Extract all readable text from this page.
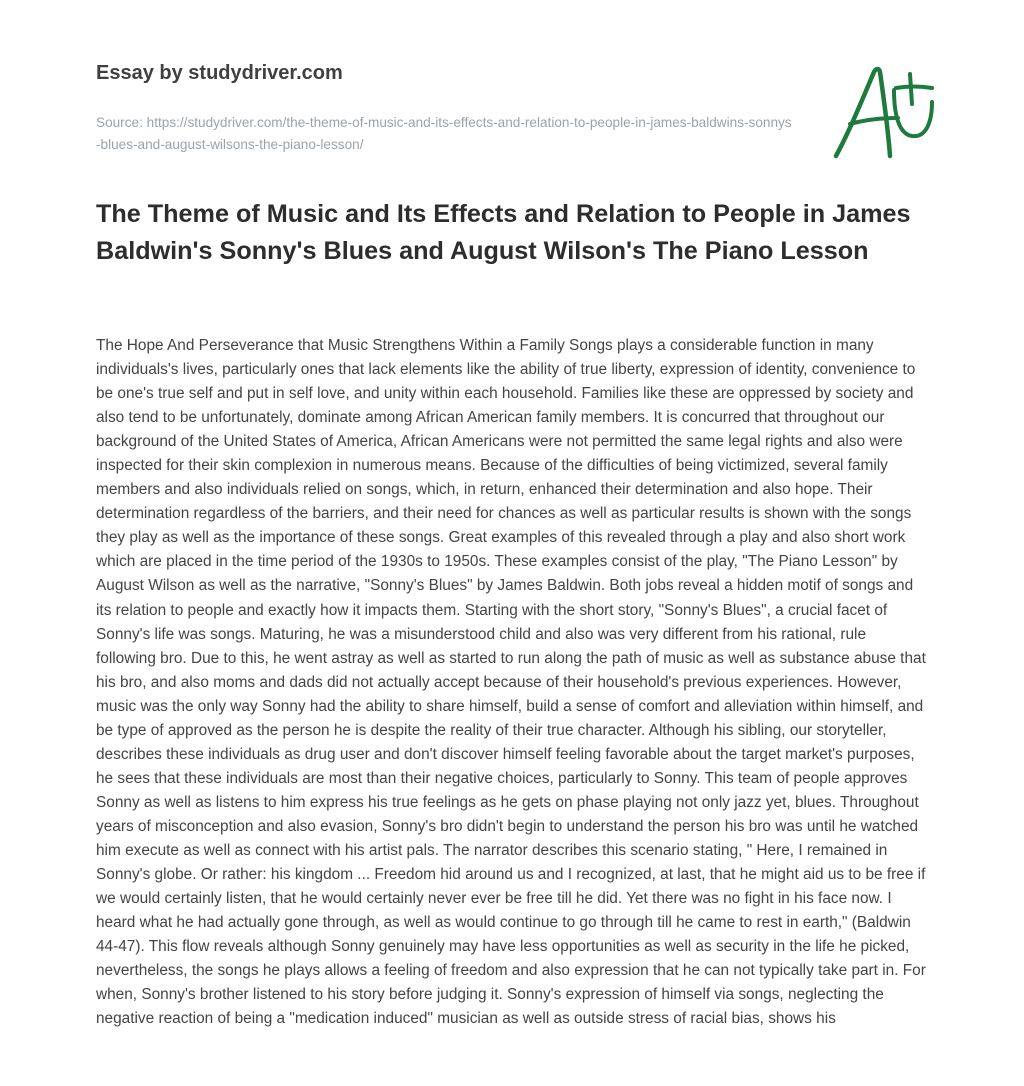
Essay by studydriver.com
Source: https://studydriver.com/the-theme-of-music-and-its-effects-and-relation-to-people-in-james-baldwins-sonnys-blues-and-august-wilsons-the-piano-lesson/
The Theme of Music and Its Effects and Relation to People in James Baldwin's Sonny's Blues and August Wilson's The Piano Lesson

The Hope And Perseverance that Music Strengthens Within a Family Songs plays a considerable function in many individuals's lives, particularly ones that lack elements like the ability of true liberty, expression of identity, convenience to be one's true self and put in self love, and unity within each household. Families like these are oppressed by society and also tend to be unfortunately, dominate among African American family members. It is concurred that throughout our background of the United States of America, African Americans were not permitted the same legal rights and also were inspected for their skin complexion in numerous means. Because of the difficulties of being victimized, several family members and also individuals relied on songs, which, in return, enhanced their determination and also hope. Their determination regardless of the barriers, and their need for chances as well as particular results is shown with the songs they play as well as the importance of these songs. Great examples of this revealed through a play and also short work which are placed in the time period of the 1930s to 1950s. These examples consist of the play, "The Piano Lesson" by August Wilson as well as the narrative, "Sonny's Blues" by James Baldwin. Both jobs reveal a hidden motif of songs and its relation to people and exactly how it impacts them. Starting with the short story, "Sonny's Blues", a crucial facet of Sonny's life was songs. Maturing, he was a misunderstood child and also was very different from his rational, rule following bro. Due to this, he went astray as well as started to run along the path of music as well as substance abuse that his bro, and also moms and dads did not actually accept because of their household's previous experiences. However, music was the only way Sonny had the ability to share himself, build a sense of comfort and alleviation within himself, and be type of approved as the person he is despite the reality of their true character. Although his sibling, our storyteller, describes these individuals as drug user and don't discover himself feeling favorable about the target market's purposes, he sees that these individuals are most than their negative choices, particularly to Sonny. This team of people approves Sonny as well as listens to him express his true feelings as he gets on phase playing not only jazz yet, blues. Throughout years of misconception and also evasion, Sonny's bro didn't begin to understand the person his bro was until he watched him execute as well as connect with his artist pals. The narrator describes this scenario stating, " Here, I remained in Sonny's globe. Or rather: his kingdom ... Freedom hid around us and I recognized, at last, that he might aid us to be free if we would certainly listen, that he would certainly never ever be free till he did. Yet there was no fight in his face now. I heard what he had actually gone through, as well as would continue to go through till he came to rest in earth," (Baldwin 44-47). This flow reveals although Sonny genuinely may have less opportunities as well as security in the life he picked, nevertheless, the songs he plays allows a feeling of freedom and also expression that he can not typically take part in. For when, Sonny's brother listened to his story before judging it. Sonny's expression of himself via songs, neglecting the negative reaction of being a "medication induced" musician as well as outside stress of racial bias, shows his
